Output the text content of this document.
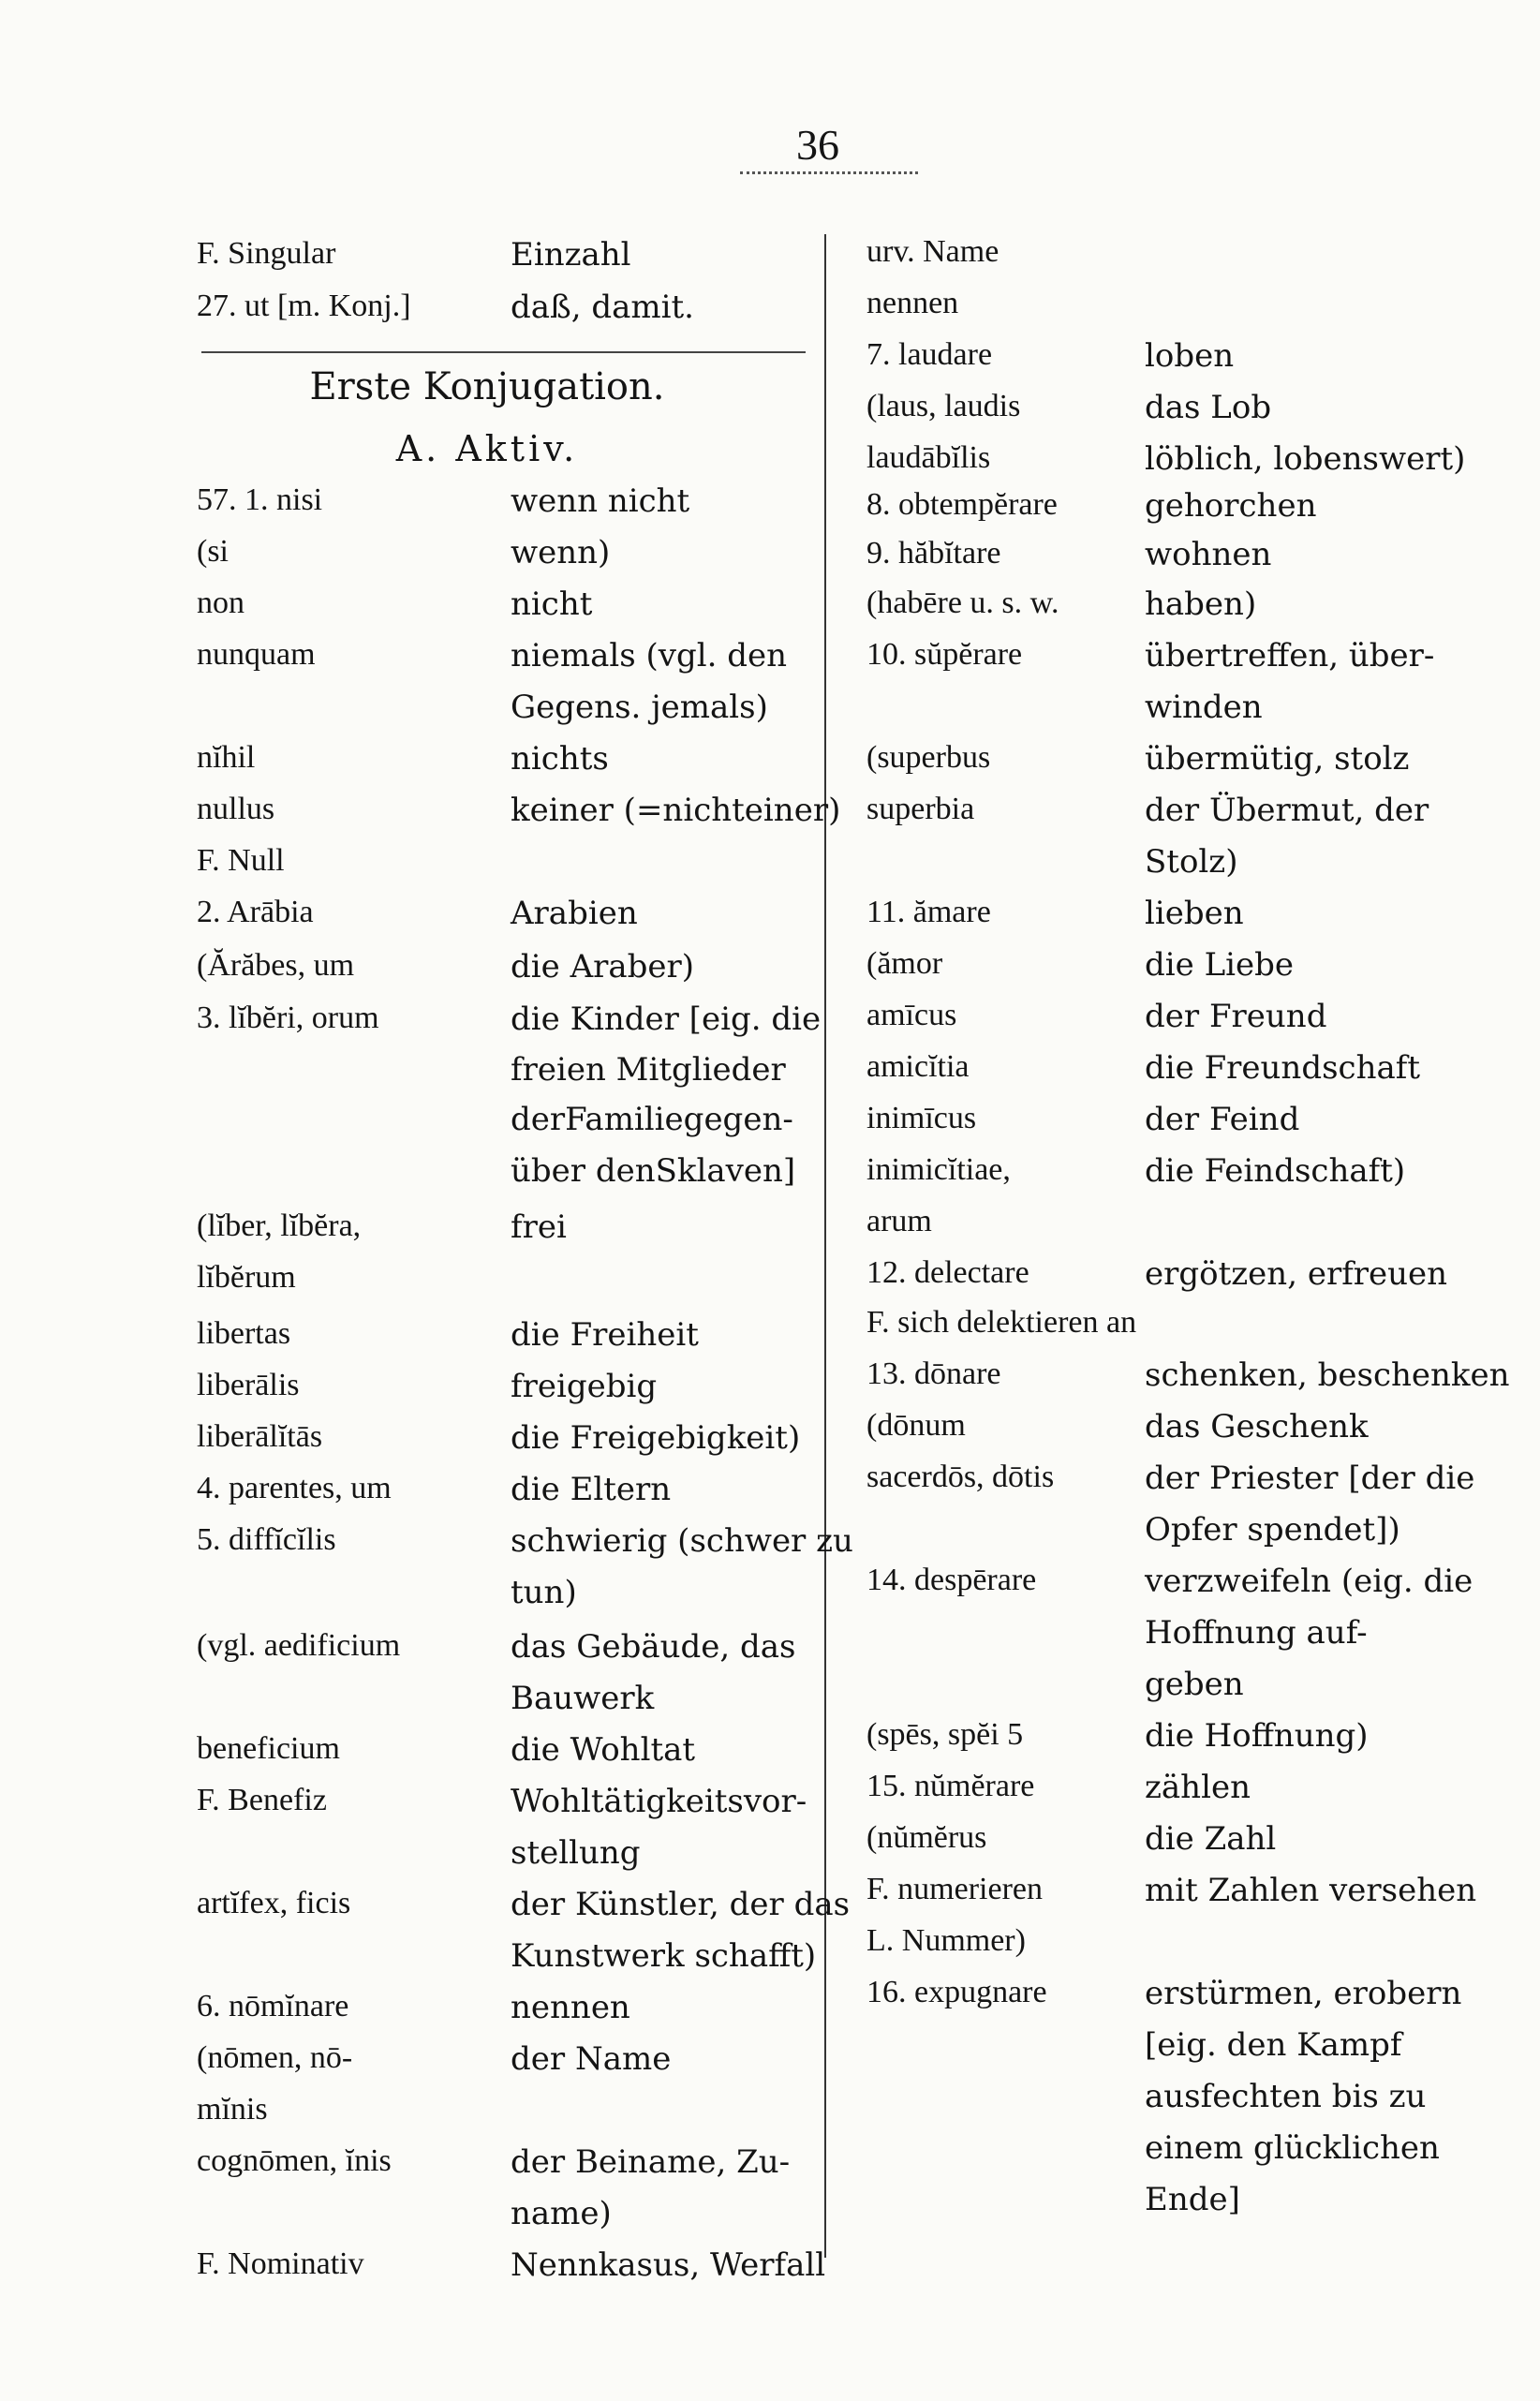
36
Erste Konjugation.
A. Aktiv.
F. Singular	Einzahl
27. ut [m. Konj.]	daß, damit.
57. 1. nisi	wenn nicht
(si	wenn)
non	nicht
nunquam	niemals (vgl. den
Gegens. jemals)
nĭhil	nichts
nullus	keiner (=nichteiner)
F. Null
2. Arābia	Arabien
(Ărăbes, um	die Araber)
3. lĭbĕri, orum	die Kinder [eig. die
freien Mitglieder
derFamiliegegen-
über denSklaven]
(lĭber, lĭbĕra,	frei
lĭbĕrum
libertas	die Freiheit
liberālis	freigebig
liberālĭtās	die Freigebigkeit)
4. parentes, um	die Eltern
5. diffĭcĭlis	schwierig (schwer zu
tun)
(vgl. aedificium	das Gebäude, das
Bauwerk
beneficium	die Wohltat
F. Benefiz	Wohltätigkeitsvor-
stellung
artĭfex, ficis	der Künstler, der das
Kunstwerk schafft)
6. nōmĭnare	nennen
(nōmen, nō-	der Name
mĭnis
cognōmen, ĭnis	der Beiname, Zu-
name)
F. Nominativ	Nennkasus, Werfall
urv. Name
nennen
7. laudare	loben
(laus, laudis	das Lob
laudābĭlis	löblich, lobenswert)
8. obtempĕrare	gehorchen
9. hăbĭtare	wohnen
(habēre u. s. w.	haben)
10. sŭpĕrare	übertreffen, über-
winden
(superbus	übermütig, stolz
superbia	der Übermut, der
Stolz)
11. ămare	lieben
(ămor	die Liebe
amīcus	der Freund
amicĭtia	die Freundschaft
inimīcus	der Feind
inimicĭtiae,	die Feindschaft)
arum
12. delectare	ergötzen, erfreuen
F. sich delektieren an
13. dōnare	schenken, beschenken
(dōnum	das Geschenk
sacerdōs, dōtis	der Priester [der die
Opfer spendet])
14. despērare	verzweifeln (eig. die
Hoffnung auf-
geben
(spēs, spĕi 5	die Hoffnung)
15. nŭmĕrare	zählen
(nŭmĕrus	die Zahl
F. numerieren	mit Zahlen versehen
L. Nummer)
16. expugnare	erstürmen, erobern
[eig. den Kampf
ausfechten bis zu
einem glücklichen
Ende]
